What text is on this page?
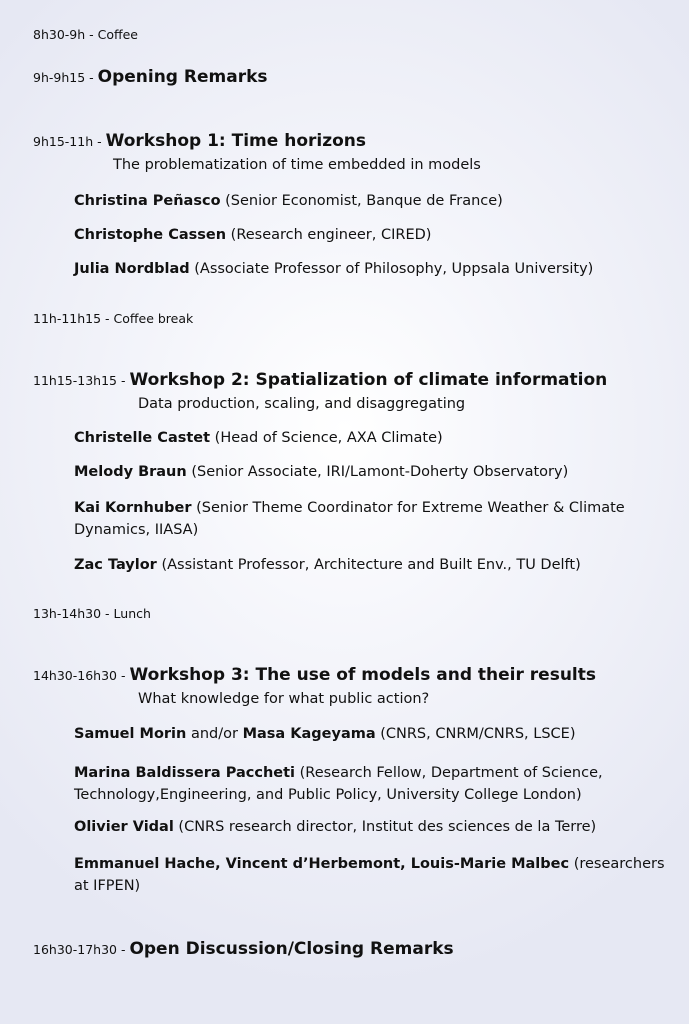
8h30-9h - Coffee
9h-9h15 - Opening Remarks
9h15-11h - Workshop 1: Time horizons
The problematization of time embedded in models
Christina Peñasco (Senior Economist, Banque de France)
Christophe Cassen (Research engineer, CIRED)
Julia Nordblad (Associate Professor of Philosophy, Uppsala University)
11h-11h15 - Coffee break
11h15-13h15 - Workshop 2: Spatialization of climate information
Data production, scaling, and disaggregating
Christelle Castet (Head of Science, AXA Climate)
Melody Braun (Senior Associate, IRI/Lamont-Doherty Observatory)
Kai Kornhuber (Senior Theme Coordinator for Extreme Weather & Climate Dynamics, IIASA)
Zac Taylor (Assistant Professor, Architecture and Built Env., TU Delft)
13h-14h30 - Lunch
14h30-16h30 - Workshop 3: The use of models and their results
What knowledge for what public action?
Samuel Morin and/or Masa Kageyama (CNRS, CNRM/CNRS, LSCE)
Marina Baldissera Paccheti (Research Fellow, Department of Science, Technology,Engineering, and Public Policy, University College London)
Olivier Vidal (CNRS research director, Institut des sciences de la Terre)
Emmanuel Hache, Vincent d’Herbemont, Louis-Marie Malbec (researchers at IFPEN)
16h30-17h30 - Open Discussion/Closing Remarks
